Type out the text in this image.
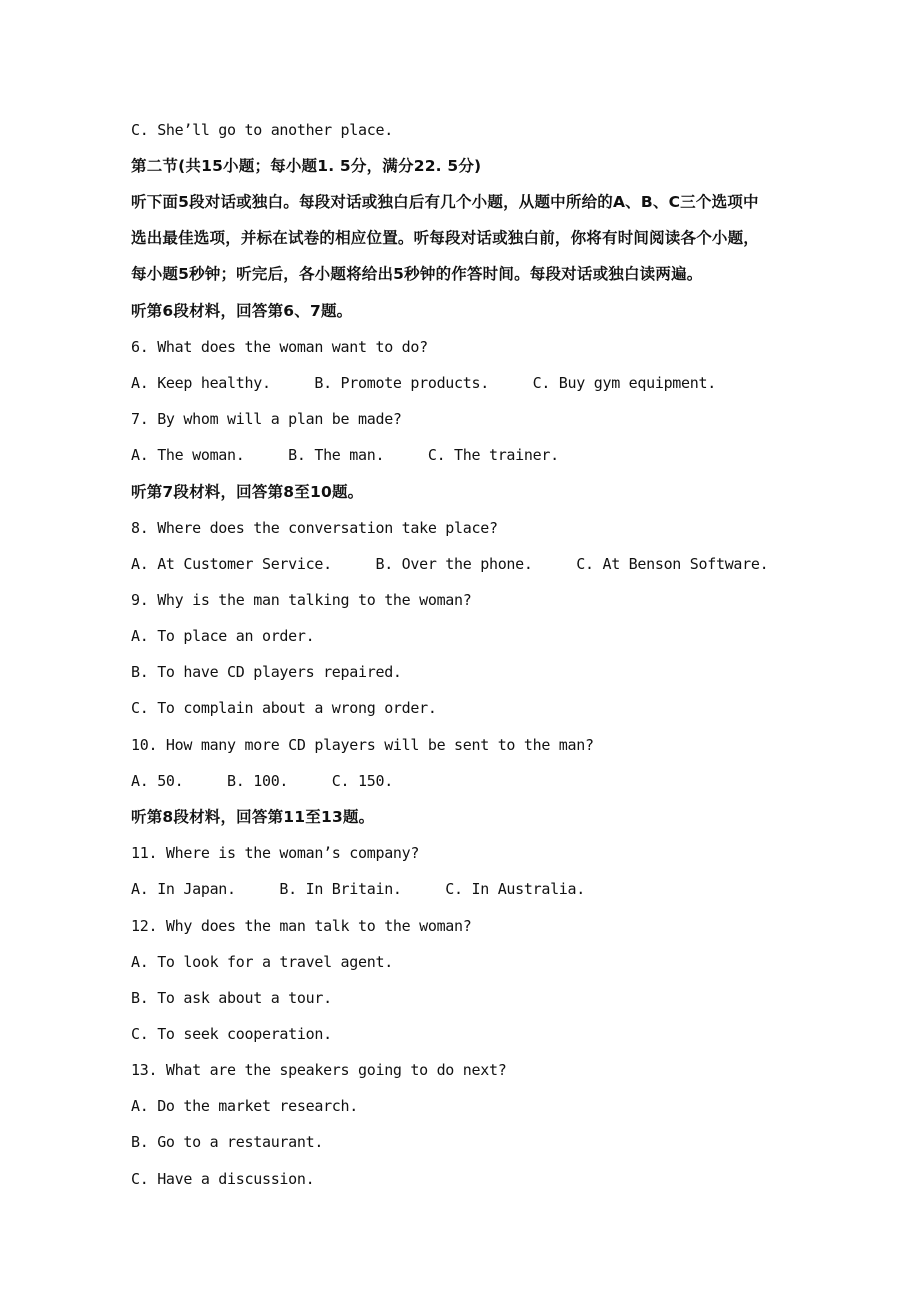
C. She’ll go to another place.
第二节(共15小题；每小题1. 5分，满分22. 5分)
听下面5段对话或独白。每段对话或独白后有几个小题，从题中所给的A、B、C三个选项中
选出最佳选项，并标在试卷的相应位置。听每段对话或独白前，你将有时间阅读各个小题，
每小题5秒钟；听完后，各小题将给出5秒钟的作答时间。每段对话或独白读两遍。
听第6段材料，回答第6、7题。
6. What does the woman want to do?
A. Keep healthy.     B. Promote products.     C. Buy gym equipment.
7. By whom will a plan be made?
A. The woman.     B. The man.     C. The trainer.
听第7段材料，回答第8至10题。
8. Where does the conversation take place?
A. At Customer Service.     B. Over the phone.     C. At Benson Software.
9. Why is the man talking to the woman?
A. To place an order.
B. To have CD players repaired.
C. To complain about a wrong order.
10. How many more CD players will be sent to the man?
A. 50.     B. 100.     C. 150.
听第8段材料，回答第11至13题。
11. Where is the woman’s company?
A. In Japan.     B. In Britain.     C. In Australia.
12. Why does the man talk to the woman?
A. To look for a travel agent.
B. To ask about a tour.
C. To seek cooperation.
13. What are the speakers going to do next?
A. Do the market research.
B. Go to a restaurant.
C. Have a discussion.
